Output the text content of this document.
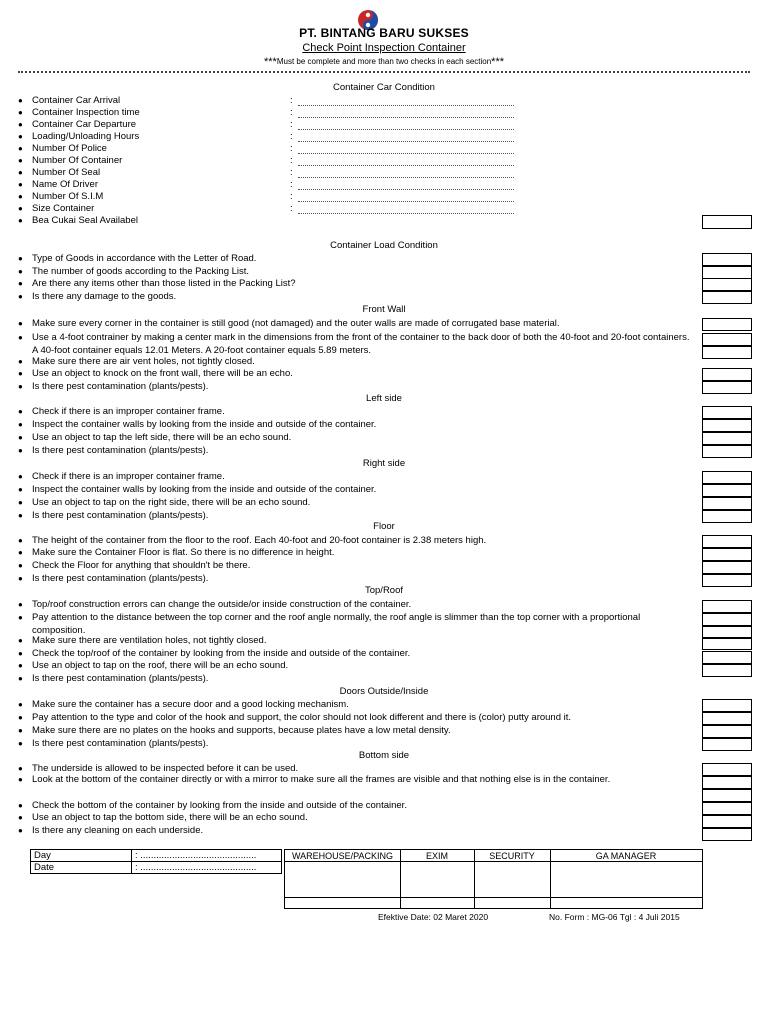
PT. BINTANG BARU SUKSES
Check Point Inspection Container
***Must be complete and more than two checks in each section***
Container Car Condition
● Container Car Arrival	:
● Container Inspection time	:
● Container Car Departure	:
● Loading/Unloading Hours	:
● Number Of Police	:
● Number Of Container	:
● Number Of Seal	:
● Name Of Driver	:
● Number Of S.I.M	:
● Size Container	:
● Bea Cukai Seal Availabel
Container Load Condition
● Type of Goods in accordance with the Letter of Road.
● The number of goods according to the Packing List.
● Are there any items other than those listed in the Packing List?
● Is there any damage to the goods.
Front Wall
● Make sure every corner in the container is still good (not damaged) and the outer walls are made of corrugated base material.
● Use a 4-foot contrainer by making a center mark in the dimensions from the front of the container to the back door of both the 40-foot and 20-foot containers. A 40-foot container equals 12.01 Meters. A 20-foot container equals 5.89 meters.
● Make sure there are air vent holes, not tightly closed.
● Use an object to knock on the front wall, there will be an echo.
● Is there pest contamination (plants/pests).
Left side
● Check if there is an improper container frame.
● Inspect the container walls by looking from the inside and outside of the container.
● Use an object to tap the left side, there will be an echo sound.
● Is there pest contamination (plants/pests).
Right side
● Check if there is an improper container frame.
● Inspect the container walls by looking from the inside and outside of the container.
● Use an object to tap on the right side, there will be an echo sound.
● Is there pest contamination (plants/pests).
Floor
● The height of the container from the floor to the roof. Each 40-foot and 20-foot container is 2.38 meters high.
● Make sure the Container Floor is flat. So there is no difference in height.
● Check the Floor for anything that shouldn't be there.
● Is there pest contamination (plants/pests).
Top/Roof
● Top/roof construction errors can change the outside/or inside construction of the container.
● Pay attention to the distance between the top corner and the roof angle normally, the roof angle is slimmer than the top corner with a proportional composition.
● Make sure there are ventilation holes, not tightly closed.
● Check the top/roof of the container by looking from the inside and outside of the container.
● Use an object to tap on the roof, there will be an echo sound.
● Is there pest contamination (plants/pests).
Doors Outside/Inside
● Make sure the container has a secure door and a good locking mechanism.
● Pay attention to the type and color of the hook and support, the color should not look different and there is (color) putty around it.
● Make sure there are no plates on the hooks and supports, because plates have a low metal density.
● Is there pest contamination (plants/pests).
Bottom side
● The underside is allowed to be inspected before it can be used.
● Look at the bottom of the container directly or with a mirror to make sure all the frames are visible and that nothing else is in the container.
● Check the bottom of the container by looking from the inside and outside of the container.
● Use an object to tap the bottom side, there will be an echo sound.
● Is there any cleaning on each underside.
Day	: ............................................
Date	: ............................................
WAREHOUSE/PACKING	EXIM	SECURITY	GA MANAGER
Efektive Date: 02 Maret 2020	No. Form : MG-06 Tgl : 4 Juli 2015
